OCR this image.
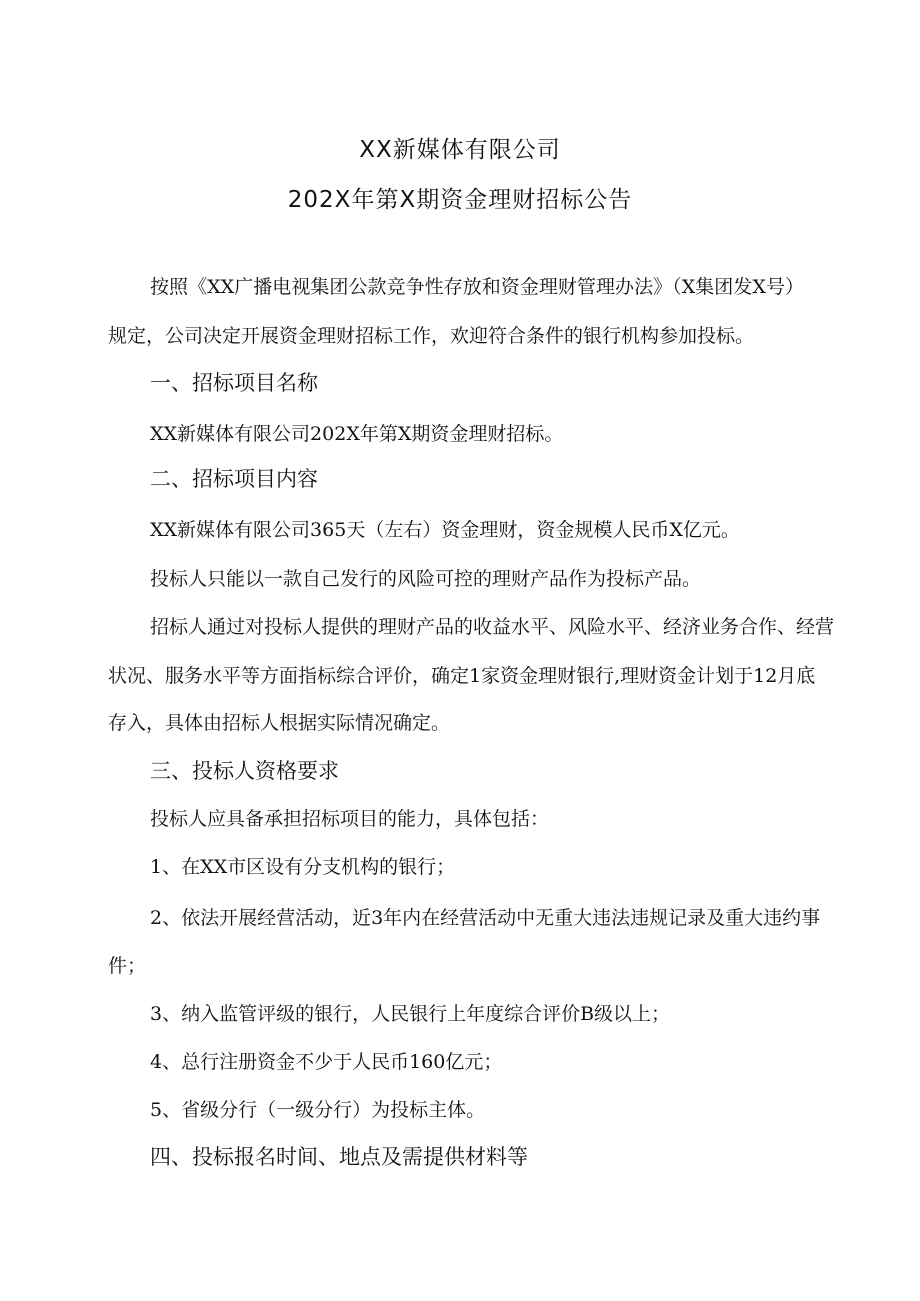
XX新媒体有限公司
202X年第X期资金理财招标公告
按照《XX广播电视集团公款竞争性存放和资金理财管理办法》（X集团发X号）
规定，公司决定开展资金理财招标工作，欢迎符合条件的银行机构参加投标。
一、招标项目名称
XX新媒体有限公司202X年第X期资金理财招标。
二、招标项目内容
XX新媒体有限公司365天（左右）资金理财，资金规模人民币X亿元。
投标人只能以一款自己发行的风险可控的理财产品作为投标产品。
招标人通过对投标人提供的理财产品的收益水平、风险水平、经济业务合作、经营
状况、服务水平等方面指标综合评价，确定1家资金理财银行,理财资金计划于12月底
存入，具体由招标人根据实际情况确定。
三、投标人资格要求
投标人应具备承担招标项目的能力，具体包括：
1、在XX市区设有分支机构的银行；
2、依法开展经营活动，近3年内在经营活动中无重大违法违规记录及重大违约事
件；
3、纳入监管评级的银行，人民银行上年度综合评价B级以上；
4、总行注册资金不少于人民币160亿元；
5、省级分行（一级分行）为投标主体。
四、投标报名时间、地点及需提供材料等
